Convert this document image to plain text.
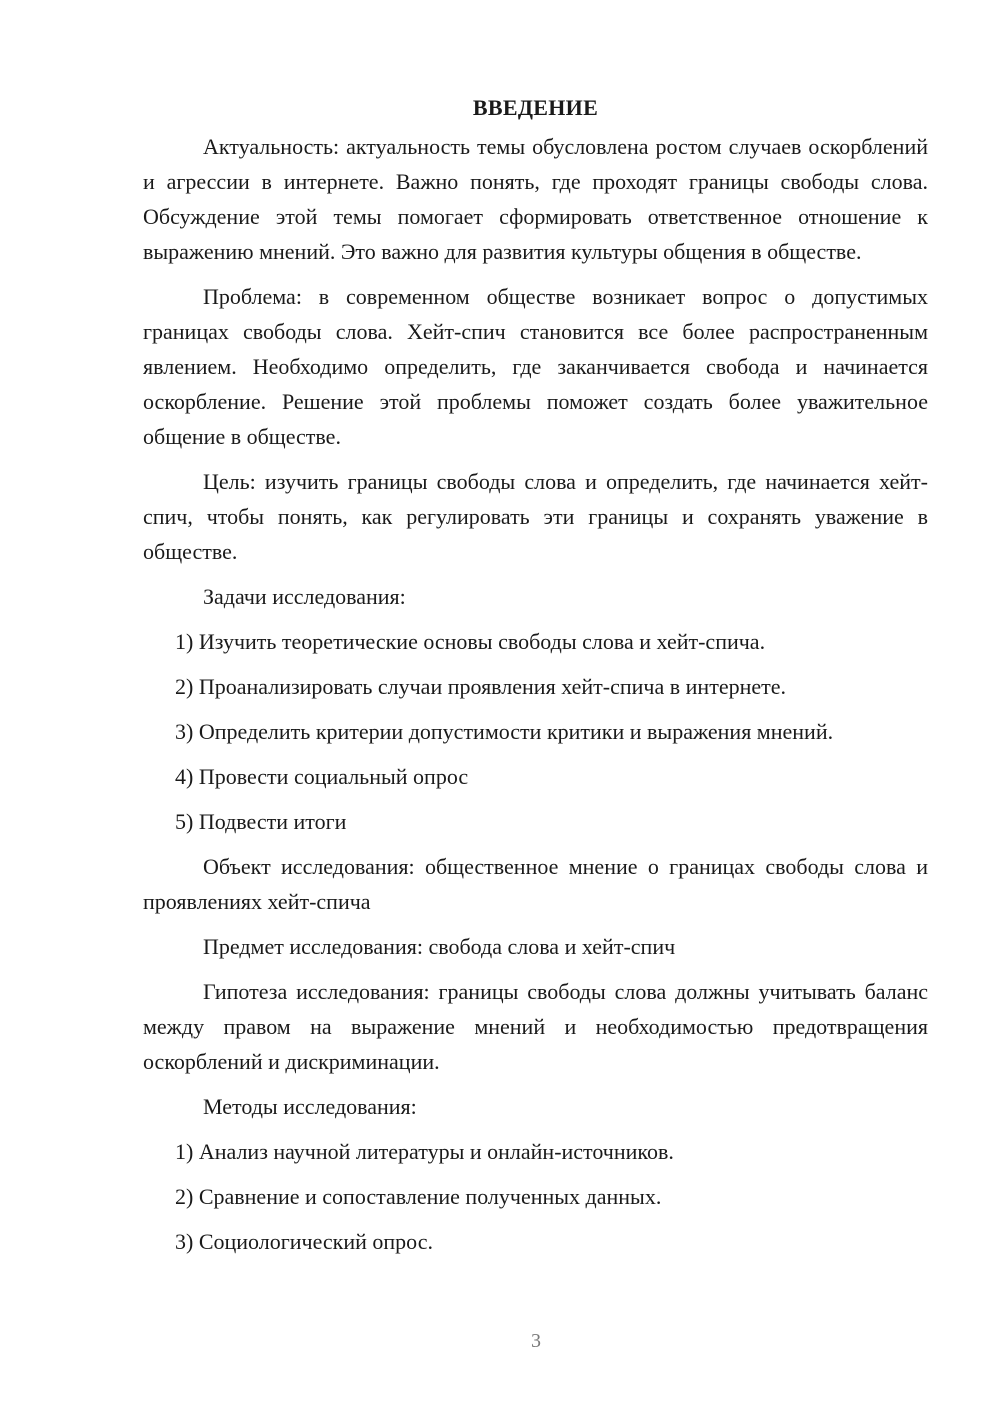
ВВЕДЕНИЕ

Актуальность: актуальность темы обусловлена ростом случаев оскорблений и агрессии в интернете. Важно понять, где проходят границы свободы слова. Обсуждение этой темы помогает сформировать ответственное отношение к выражению мнений. Это важно для развития культуры общения в обществе.

Проблема: в современном обществе возникает вопрос о допустимых границах свободы слова. Хейт-спич становится все более распространенным явлением. Необходимо определить, где заканчивается свобода и начинается оскорбление. Решение этой проблемы поможет создать более уважительное общение в обществе.

Цель: изучить границы свободы слова и определить, где начинается хейт-спич, чтобы понять, как регулировать эти границы и сохранять уважение в обществе.

Задачи исследования:
1) Изучить теоретические основы свободы слова и хейт-спича.
2) Проанализировать случаи проявления хейт-спича в интернете.
3) Определить критерии допустимости критики и выражения мнений.
4) Провести социальный опрос
5) Подвести итоги

Объект исследования: общественное мнение о границах свободы слова и проявлениях хейт-спича

Предмет исследования: свобода слова и хейт-спич

Гипотеза исследования: границы свободы слова должны учитывать баланс между правом на выражение мнений и необходимостью предотвращения оскорблений и дискриминации.

Методы исследования:
1) Анализ научной литературы и онлайн-источников.
2) Сравнение и сопоставление полученных данных.
3) Социологический опрос.
3
